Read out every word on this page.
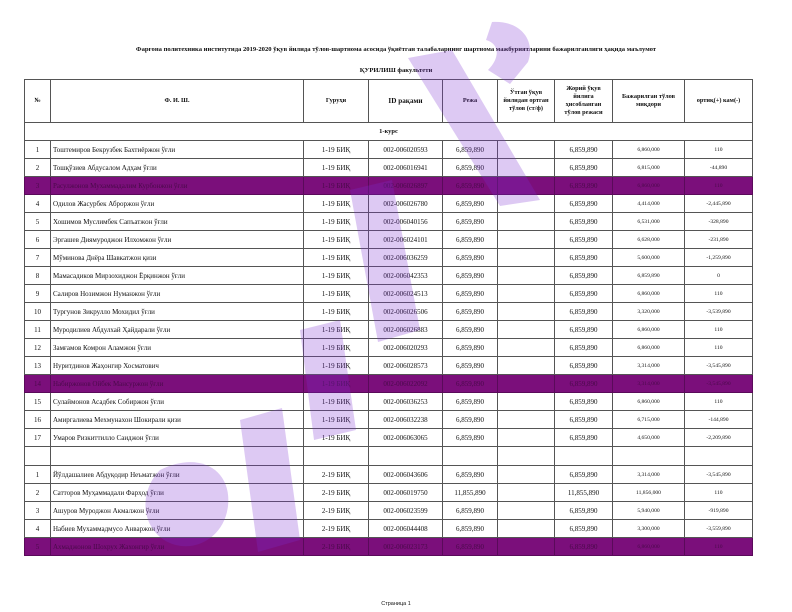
Фарғона политехника институтида 2019-2020 ўқув йилида тўлов-шартнома асосида ўқиётган талабаларнинг шартнома мажбуриятларини бажарилганлиги ҳақида маълумот
ҚУРИЛИШ факультети
№	Ф. И. Ш.	Гуруҳи	ID рақами	Режа	Ўтган ўқув йилидан ортган тўлов (ст/ф)	Жорий ўқув йилига ҳисобланган тўлов режаси	Бажарилган тўлов миқдори	ортиқ(+) кам(-)
1-курс								
1	Тоштемиров Бекрузбек Бахтиёржон ўғли	1-19 БИҚ	002-006020593	6,859,890		6,859,890	6,860,000	110
2	Тошқўзиев Абдусалом Адҳам ўғли	1-19 БИҚ	002-006016941	6,859,890		6,859,890	6,815,000	-44,890
3	Расулжонов Мухаммадалим Курбонжон ўғли	1-19 БИҚ	002-006026897	6,859,890		6,859,890	6,860,000	110
4	Одилов Жасурбек Аброржон ўғли	1-19 БИҚ	002-006026780	6,859,890		6,859,890	4,414,000	-2,445,890
5	Хошимов Муслимбек Сапъатжон ўғли	1-19 БИҚ	002-006040156	6,859,890		6,859,890	6,531,000	-328,890
6	Эргашев Диямуроджон Илхомжон ўғли	1-19 БИҚ	002-006024101	6,859,890		6,859,890	6,628,000	-231,890
7	Мўминова Днёра Шавкатжон қизи	1-19 БИҚ	002-006036259	6,859,890		6,859,890	5,600,000	-1,259,890
8	Мамасадиков Мирзохиджон Ёрқинжон ўғли	1-19 БИҚ	002-006042353	6,859,890		6,859,890	6,859,890	0
9	Салиров Нозимжон Нуманжон ўғли	1-19 БИҚ	002-006024513	6,859,890		6,859,890	6,860,000	110
10	Тургунов Зикрулло Мохидил ўғли	1-19 БИҚ	002-006026506	6,859,890		6,859,890	3,320,000	-3,539,890
11	Муродилиев Абдулхай Ҳайдарали ўғли	1-19 БИҚ	002-006026883	6,859,890		6,859,890	6,860,000	110
12	Замғамов Комрон Аламжон ўғли	1-19 БИҚ	002-006020293	6,859,890		6,859,890	6,860,000	110
13	Нуритдинов Жаҳонгир Хосматович	1-19 БИҚ	002-006028573	6,859,890		6,859,890	3,314,000	-3,545,890
14	Набиржонов Ойбек Мансуржон ўғли	1-19 БИҚ	002-006022092	6,859,890		6,859,890	3,314,000	-3,545,890
15	Сулаймонов Асадбек Собиржон ўғли	1-19 БИҚ	002-006036253	6,859,890		6,859,890	6,860,000	110
16	Амиргалиева Мехмунахон Шокирали қизи	1-19 БИҚ	002-006032238	6,859,890		6,859,890	6,715,000	-144,890
17	Умаров Ризкиттилло Саиджон ўғли	1-19 БИҚ	002-006063065	6,859,890		6,859,890	4,650,000	-2,209,890

1	Йўлдашалиев Абдуқодир Неъматжон ўғли	2-19 БИҚ	002-006043606	6,859,890		6,859,890	3,314,000	-3,545,890
2	Сатторов Муҳаммадали Фарҳод ўғли	2-19 БИҚ	002-006019750	11,855,890		11,855,890	11,856,000	110
3	Ашуров Муроджон Акмалжон ўғли	2-19 БИҚ	002-006023599	6,859,890		6,859,890	5,940,000	-919,890
4	Набиев Мухаммадмусо Анваржон ўғли	2-19 БИҚ	002-006044408	6,859,890		6,859,890	3,300,000	-3,559,890
5	Ахмаджонов Шохрух Жахонгир ўғли	2-19 БИҚ	002-006023173	6,859,890		6,859,890	6,860,000	110
Страница 1
